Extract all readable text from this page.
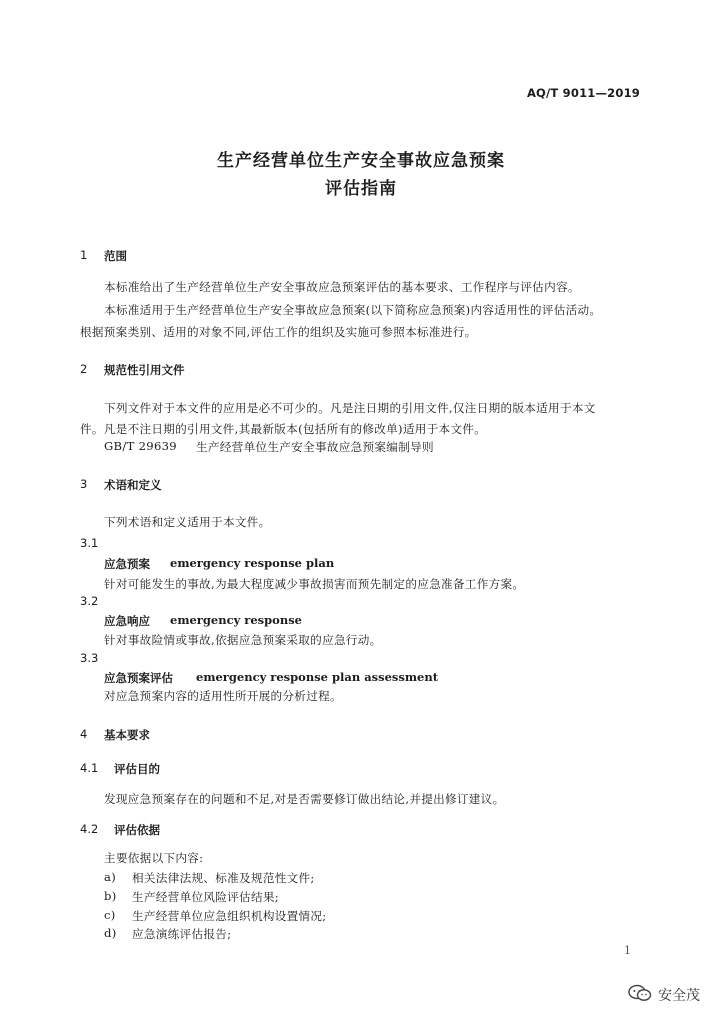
AQ/T 9011—2019
生产经营单位生产安全事故应急预案
评估指南
1 范围
本标准给出了生产经营单位生产安全事故应急预案评估的基本要求、工作程序与评估内容。
本标准适用于生产经营单位生产安全事故应急预案(以下简称应急预案)内容适用性的评估活动。
根据预案类别、适用的对象不同,评估工作的组织及实施可参照本标准进行。
2 规范性引用文件
下列文件对于本文件的应用是必不可少的。凡是注日期的引用文件,仅注日期的版本适用于本文
件。凡是不注日期的引用文件,其最新版本(包括所有的修改单)适用于本文件。
GB/T 29639 生产经营单位生产安全事故应急预案编制导则
3 术语和定义
下列术语和定义适用于本文件。
3.1
应急预案 emergency response plan
针对可能发生的事故,为最大程度减少事故损害而预先制定的应急准备工作方案。
3.2
应急响应 emergency response
针对事故险情或事故,依据应急预案采取的应急行动。
3.3
应急预案评估 emergency response plan assessment
对应急预案内容的适用性所开展的分析过程。
4 基本要求
4.1 评估目的
发现应急预案存在的问题和不足,对是否需要修订做出结论,并提出修订建议。
4.2 评估依据
主要依据以下内容:
a) 相关法律法规、标准及规范性文件;
b) 生产经营单位风险评估结果;
c) 生产经营单位应急组织机构设置情况;
d) 应急演练评估报告;
1
安全茂
